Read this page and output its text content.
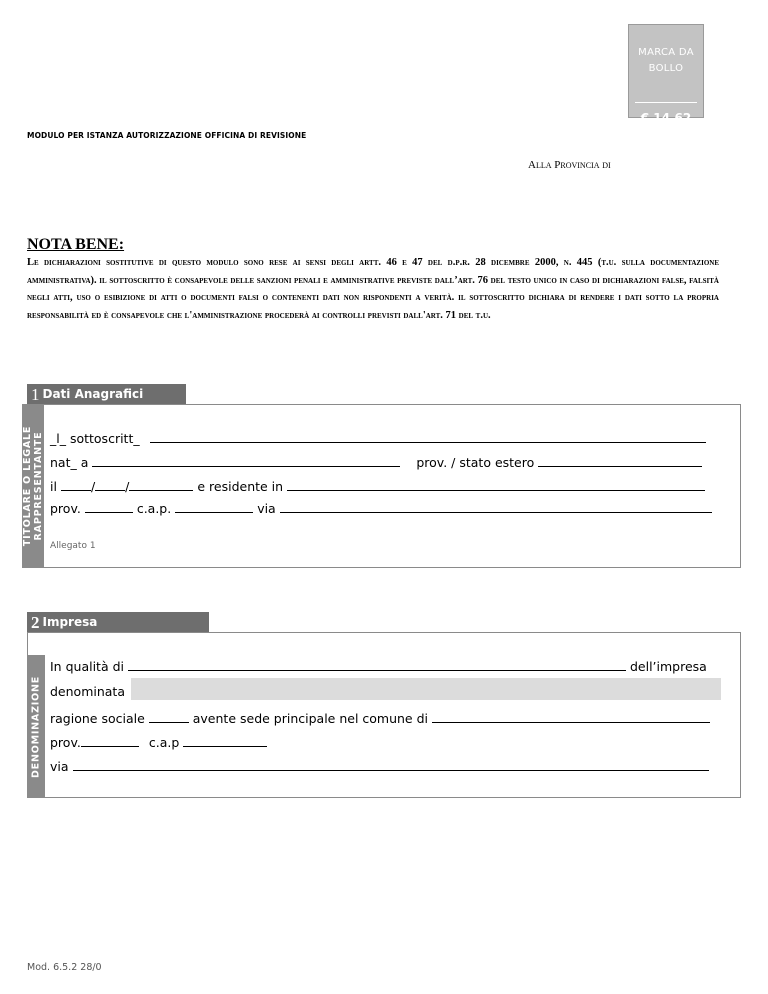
MARCA DA
BOLLO
€ 14,62
MODULO PER ISTANZA AUTORIZZAZIONE OFFICINA DI REVISIONE
Alla Provincia di
NOTA BENE:
Le dichiarazioni sostitutive di questo modulo sono rese ai sensi degli artt. 46 e 47 del d.p.r. 28 dicembre 2000, n. 445 (t.u. sulla documentazione amministrativa). il sottoscritto è consapevole delle sanzioni penali e amministrative previste dall’art. 76 del testo unico in caso di dichiarazioni false, falsità negli atti, uso o esibizione di atti o documenti falsi o contenenti dati non rispondenti a verità. il sottoscritto dichiara di rendere i dati sotto la propria responsabilità ed è consapevole che l'amministrazione procederà ai controlli previsti dall'art. 71 del t.u.
1 $^{Dati Anagrafici}$
TITOLARE O LEGALE RAPPRESENTANTE _l_ sottoscritt_
nat_ a	prov. / stato estero
il	/ /	e residente in
prov.	c.a.p.	via
Allegato 1
2 $^{Impresa}$
DENOMINAZIONE
In qualità di	dell’impresa
denominata
ragione sociale	avente sede principale nel comune di
prov.	c.a.p
via
Mod. 6.5.2 28/0
